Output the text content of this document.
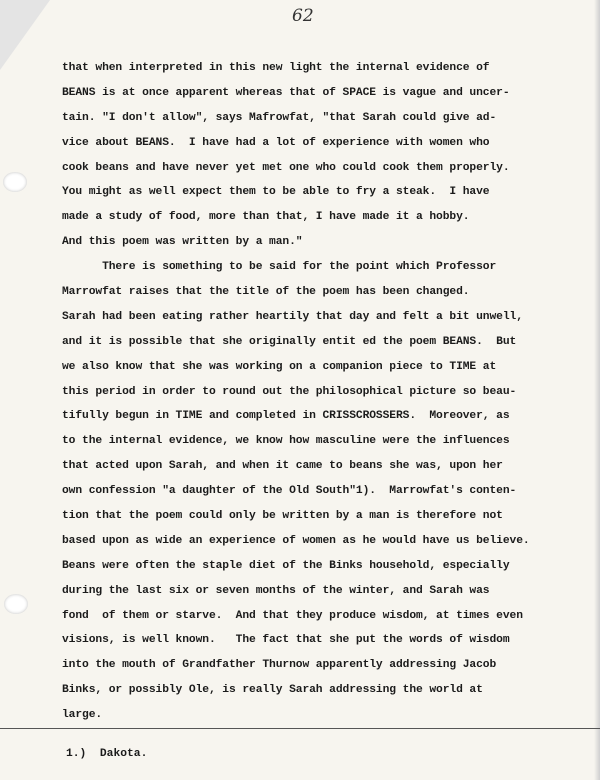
62
that when interpreted in this new light the internal evidence of
BEANS is at once apparent whereas that of SPACE is vague and uncer-
tain. "I don't allow", says Mafrowfat, "that Sarah could give ad-
vice about BEANS.  I have had a lot of experience with women who
cook beans and have never yet met one who could cook them properly.
You might as well expect them to be able to fry a steak.  I have
made a study of food, more than that, I have made it a hobby.
And this poem was written by a man."
There is something to be said for the point which Professor
Marrowfat raises that the title of the poem has been changed.
Sarah had been eating rather heartily that day and felt a bit unwell,
and it is possible that she originally entit ed the poem BEANS.  But
we also know that she was working on a companion piece to TIME at
this period in order to round out the philosophical picture so beau-
tifully begun in TIME and completed in CRISSCROSSERS.  Moreover, as
to the internal evidence, we know how masculine were the influences
that acted upon Sarah, and when it came to beans she was, upon her
own confession "a daughter of the Old South"1).  Marrowfat's conten-
tion that the poem could only be written by a man is therefore not
based upon as wide an experience of women as he would have us believe.
Beans were often the staple diet of the Binks household, especially
during the last six or seven months of the winter, and Sarah was
fond  of them or starve.  And that they produce wisdom, at times even
visions, is well known.   The fact that she put the words of wisdom
into the mouth of Grandfather Thurnow apparently addressing Jacob
Binks, or possibly Ole, is really Sarah addressing the world at
large.
1.)  Dakota.
